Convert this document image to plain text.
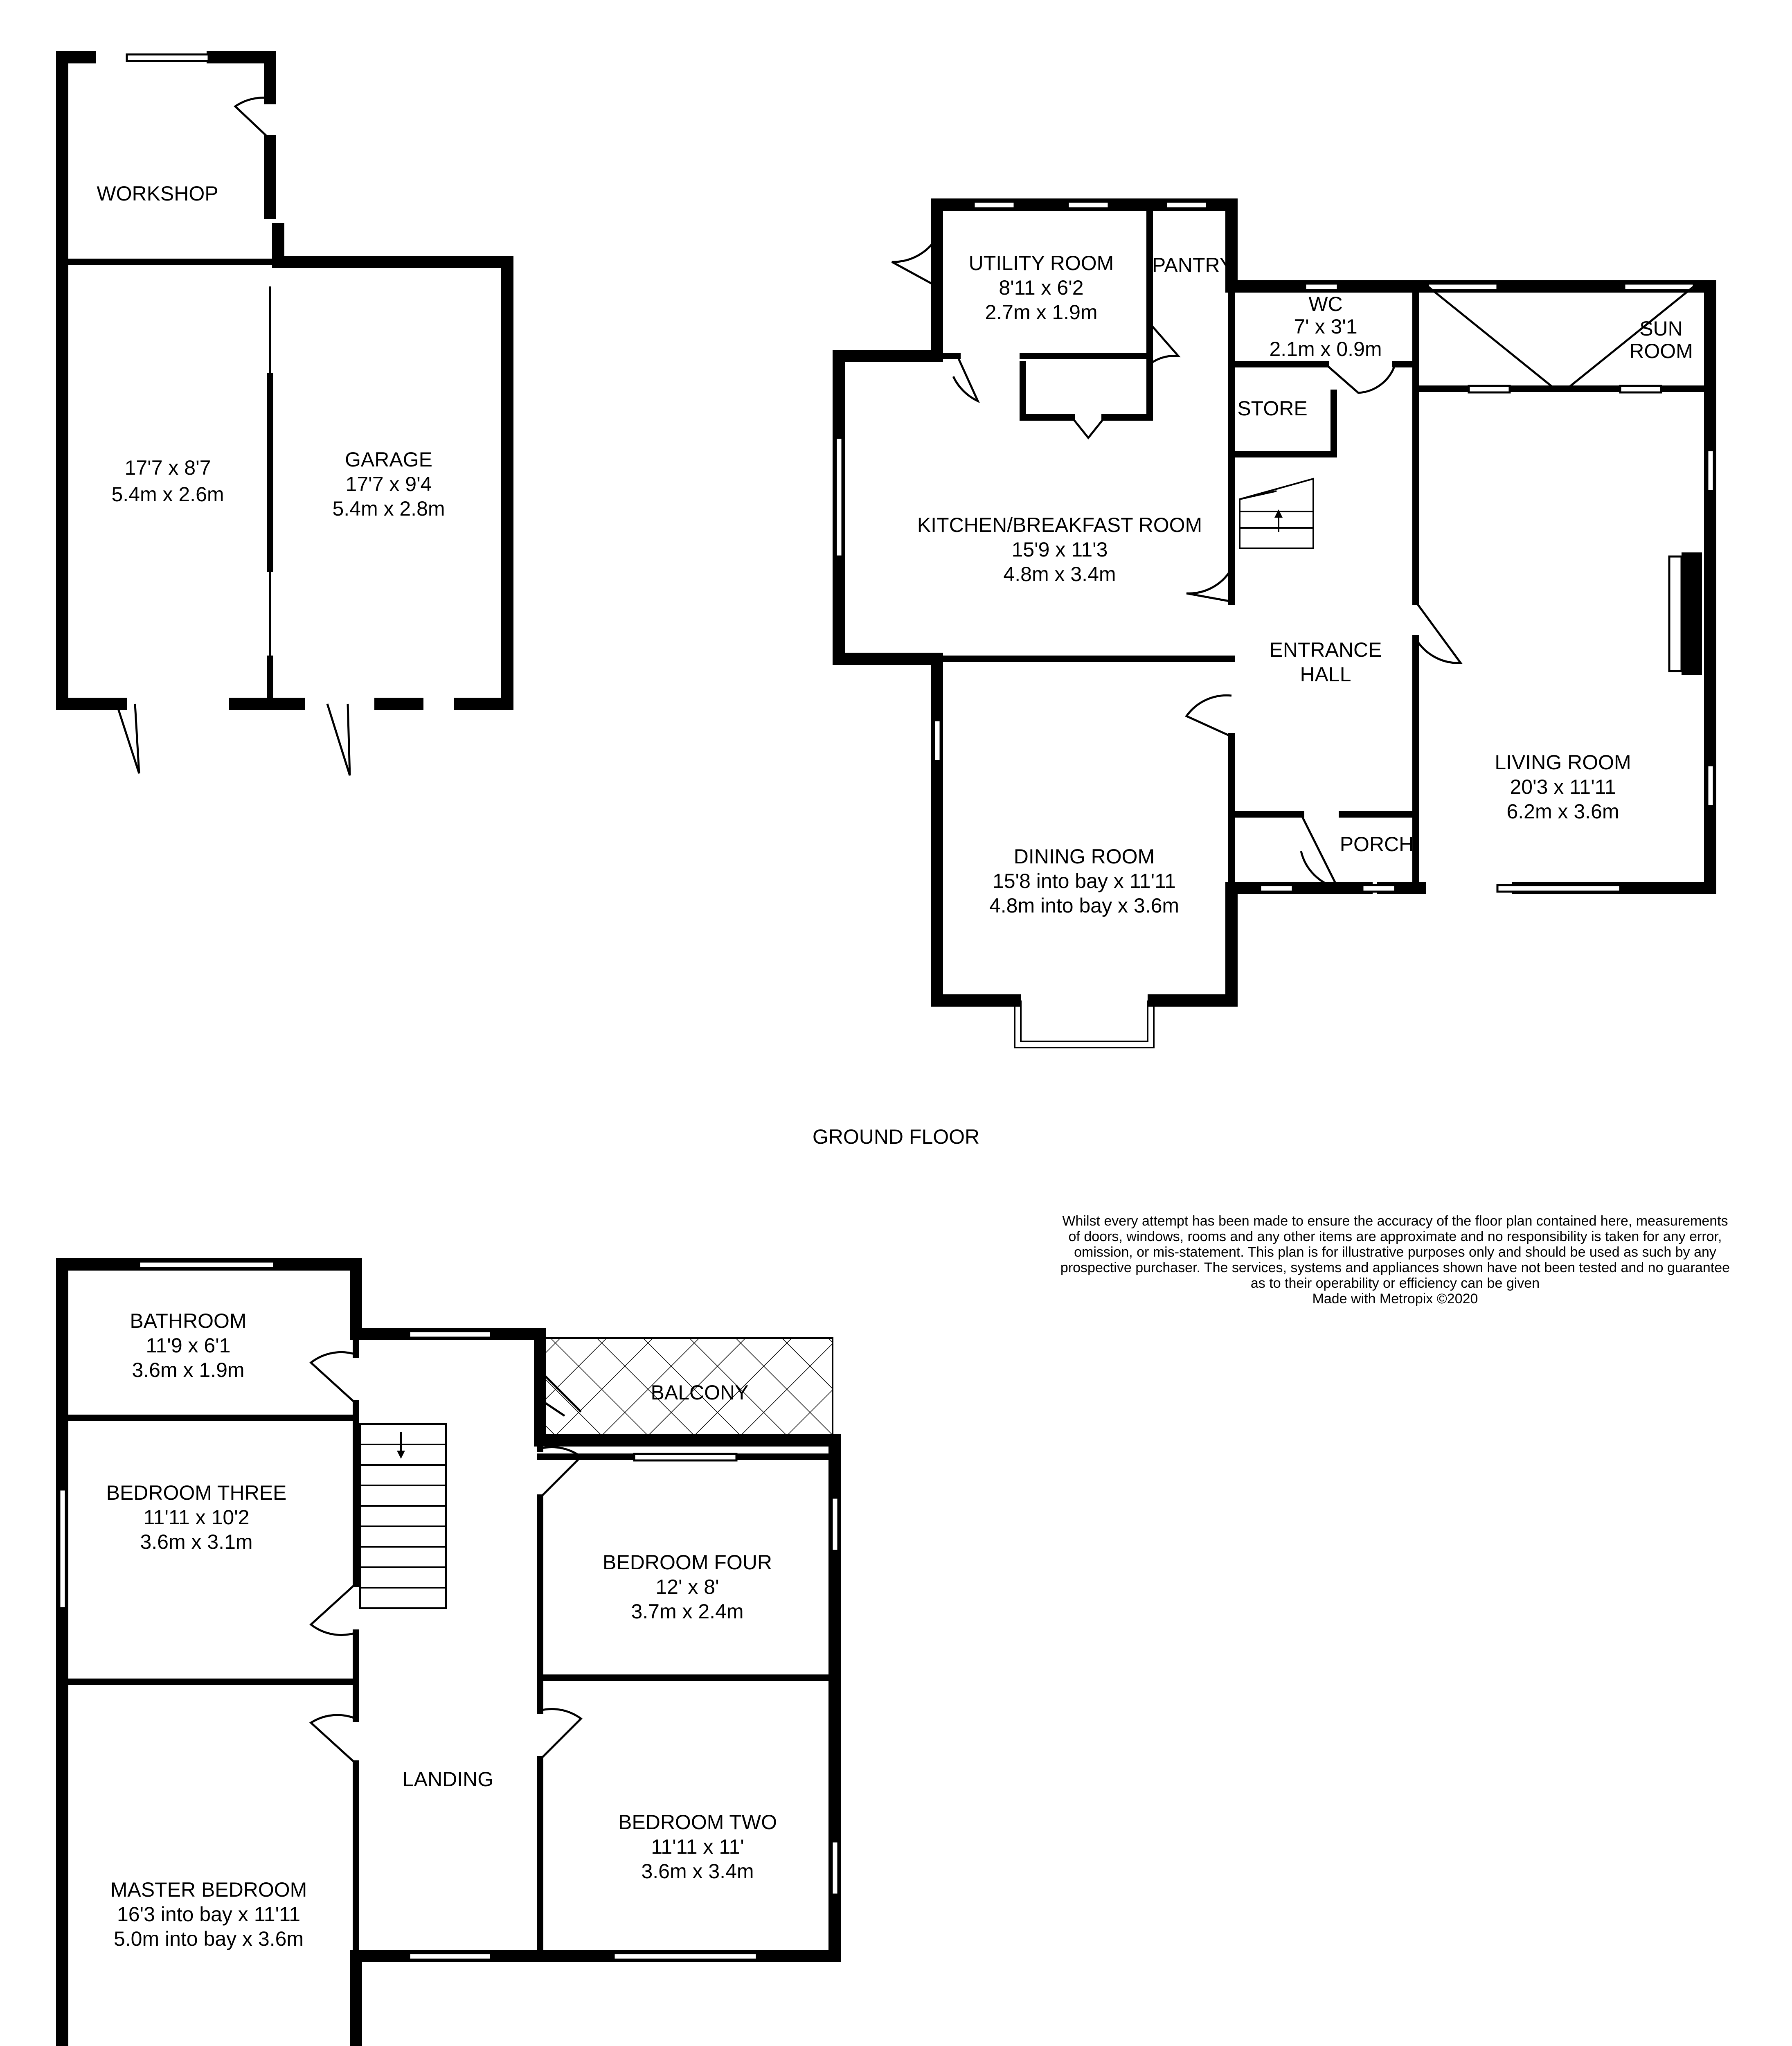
WORKSHOP
17'7 x 8'7
5.4m x 2.6m
GARAGE
17'7 x 9'4
5.4m x 2.8m
UTILITY ROOM
8'11 x 6'2
2.7m x 1.9m
PANTRY
WC
7' x 3'1
2.1m x 0.9m
SUN
ROOM
STORE
KITCHEN/BREAKFAST ROOM
15'9 x 11'3
4.8m x 3.4m
ENTRANCE
HALL
LIVING ROOM
20'3 x 11'11
6.2m x 3.6m
PORCH
DINING ROOM
15'8 into bay x 11'11
4.8m into bay x 3.6m
GROUND FLOOR
BATHROOM
11'9 x 6'1
3.6m x 1.9m
BALCONY
BEDROOM THREE
11'11 x 10'2
3.6m x 3.1m
BEDROOM FOUR
12' x 8'
3.7m x 2.4m
LANDING
BEDROOM TWO
11'11 x 11'
3.6m x 3.4m
MASTER BEDROOM
16'3 into bay x 11'11
5.0m into bay x 3.6m
Whilst every attempt has been made to ensure the accuracy of the floor plan contained here, measurements
of doors, windows, rooms and any other items are approximate and no responsibility is taken for any error,
omission, or mis-statement. This plan is for illustrative purposes only and should be used as such by any
prospective purchaser. The services, systems and appliances shown have not been tested and no guarantee
as to their operability or efficiency can be given
Made with Metropix ©2020
